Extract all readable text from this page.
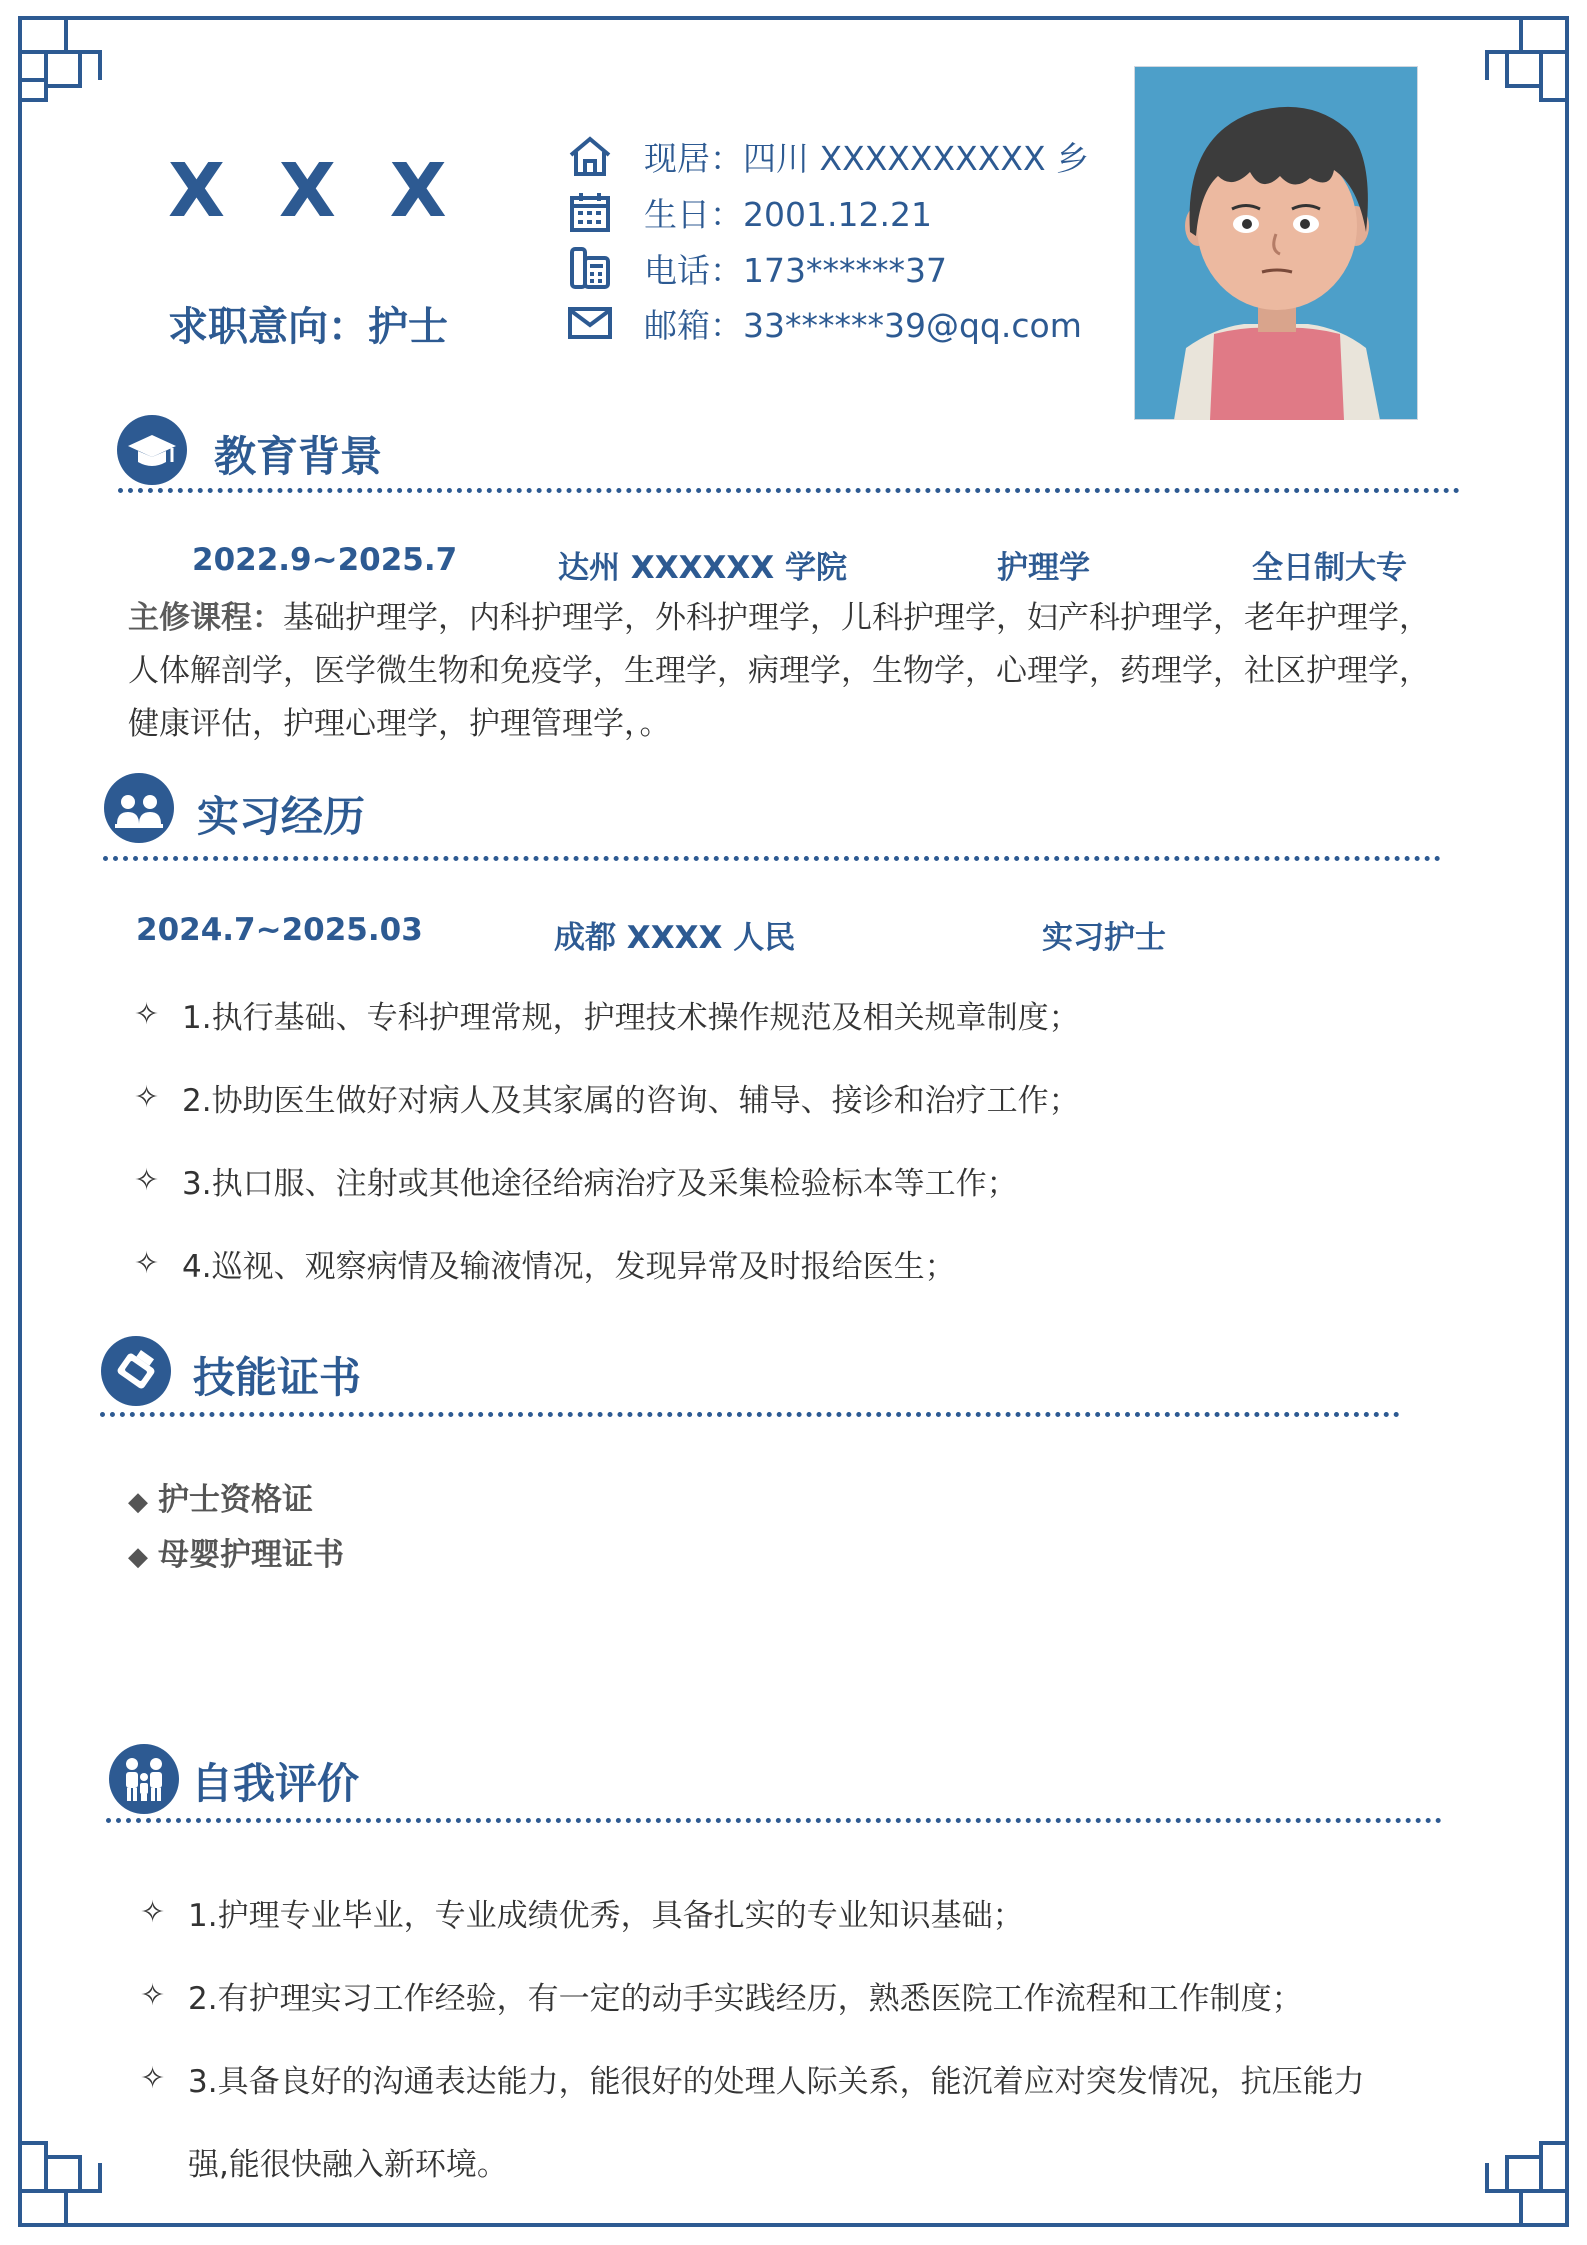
X X X
求职意向：护士
现居：四川 XXXXXXXXXX 乡
生日：2001.12.21
电话：173******37
邮箱：33******39@qq.com
教育背景
2022.9~2025.7	达州 XXXXXX 学院	护理学	全日制大专
主修课程：基础护理学，内科护理学，外科护理学，儿科护理学，妇产科护理学，老年护理学，人体解剖学，医学微生物和免疫学，生理学，病理学，生物学，心理学，药理学，社区护理学，健康评估，护理心理学，护理管理学，。
实习经历
2024.7~2025.03	成都 XXXX 人民	实习护士
✧ 1.执行基础、专科护理常规，护理技术操作规范及相关规章制度；
✧ 2.协助医生做好对病人及其家属的咨询、辅导、接诊和治疗工作；
✧ 3.执口服、注射或其他途径给病治疗及采集检验标本等工作；
✧ 4.巡视、观察病情及输液情况，发现异常及时报给医生；
技能证书
◆ 护士资格证
◆ 母婴护理证书
自我评价
✧ 1.护理专业毕业，专业成绩优秀，具备扎实的专业知识基础；
✧ 2.有护理实习工作经验，有一定的动手实践经历，熟悉医院工作流程和工作制度；
✧ 3.具备良好的沟通表达能力，能很好的处理人际关系，能沉着应对突发情况，抗压能力
强,能很快融入新环境。
